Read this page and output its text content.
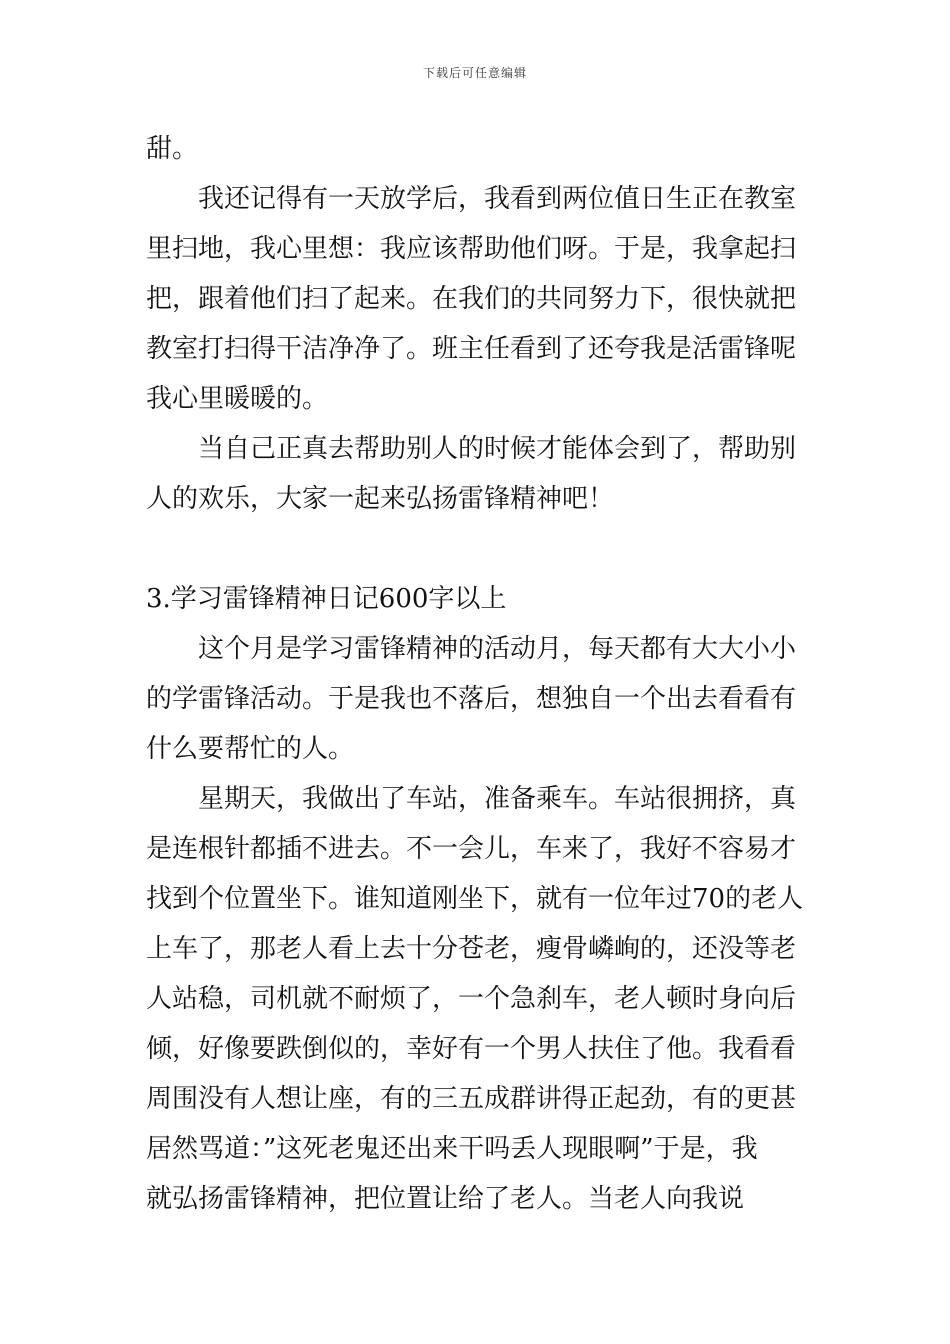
下载后可任意编辑
甜。
我还记得有一天放学后，我看到两位值日生正在教室
里扫地，我心里想：我应该帮助他们呀。于是，我拿起扫
把，跟着他们扫了起来。在我们的共同努力下，很快就把
教室打扫得干洁净净了。班主任看到了还夸我是活雷锋呢
我心里暖暖的。
当自己正真去帮助别人的时候才能体会到了，帮助别
人的欢乐，大家一起来弘扬雷锋精神吧！
3.学习雷锋精神日记600字以上
这个月是学习雷锋精神的活动月，每天都有大大小小
的学雷锋活动。于是我也不落后，想独自一个出去看看有
什么要帮忙的人。
星期天，我做出了车站，准备乘车。车站很拥挤，真
是连根针都插不进去。不一会儿，车来了，我好不容易才
找到个位置坐下。谁知道刚坐下，就有一位年过70的老人
上车了，那老人看上去十分苍老，瘦骨嶙峋的，还没等老
人站稳，司机就不耐烦了，一个急刹车，老人顿时身向后
倾，好像要跌倒似的，幸好有一个男人扶住了他。我看看
周围没有人想让座，有的三五成群讲得正起劲，有的更甚
居然骂道：”这死老鬼还出来干吗丢人现眼啊”于是，我
就弘扬雷锋精神，把位置让给了老人。当老人向我说
